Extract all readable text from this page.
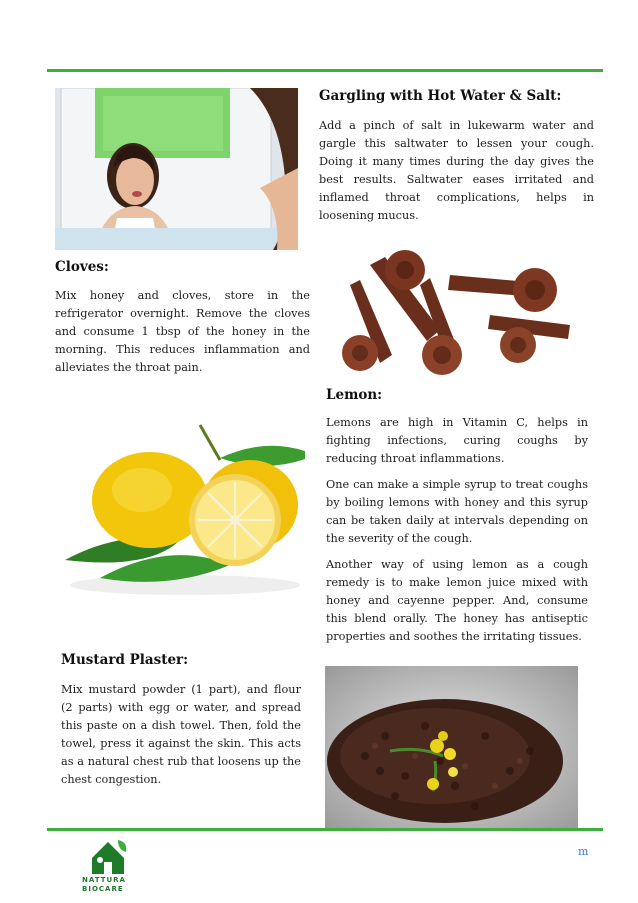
Gargling with Hot Water & Salt:
Add a pinch of salt in lukewarm water and gargle this saltwater to lessen your cough. Doing it many times during the day gives the best results. Saltwater eases irritated and inflamed throat complications, helps in loosening mucus.
Cloves:
Mix honey and cloves, store in the refrigerator overnight. Remove the cloves and consume 1 tbsp of the honey in the morning. This reduces inflammation and alleviates the throat pain.
Lemon:

Lemons are high in Vitamin C, helps in fighting infections, curing coughs by reducing throat inflammations.

One can make a simple syrup to treat coughs by boiling lemons with honey and this syrup can be taken daily at intervals depending on the severity of the cough.

Another way of using lemon as a cough remedy is to make lemon juice mixed with honey and cayenne pepper. And, consume this blend orally. The honey has antiseptic properties and soothes the irritating tissues.

Mustard Plaster:
Mix mustard powder (1 part), and flour (2 parts) with egg or water, and spread this paste on a dish towel. Then, fold the towel, press it against the skin. This acts as a natural chest rub that loosens up the chest congestion.
NATTURA
BIOCARE
m
